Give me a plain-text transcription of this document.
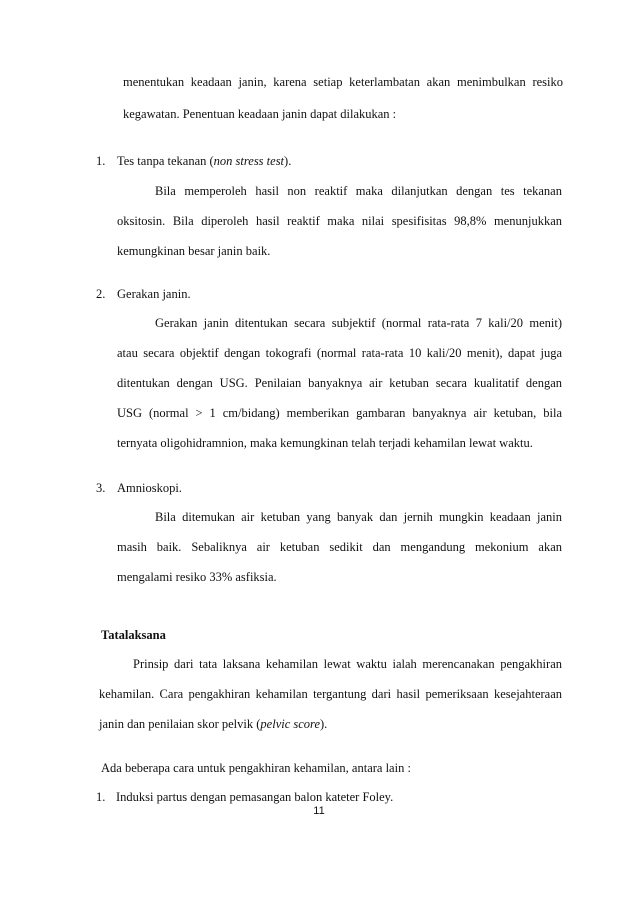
menentukan keadaan janin, karena setiap keterlambatan akan menimbulkan resiko
kegawatan. Penentuan keadaan janin dapat dilakukan :
1. Tes tanpa tekanan (non stress test).
Bila memperoleh hasil non reaktif maka dilanjutkan dengan tes tekanan
oksitosin. Bila diperoleh hasil reaktif maka nilai spesifisitas 98,8% menunjukkan
kemungkinan besar janin baik.
2. Gerakan janin.
Gerakan janin ditentukan secara subjektif (normal rata-rata 7 kali/20 menit)
atau secara objektif dengan tokografi (normal rata-rata 10 kali/20 menit), dapat juga
ditentukan dengan USG. Penilaian banyaknya air ketuban secara kualitatif dengan
USG (normal > 1 cm/bidang) memberikan gambaran banyaknya air ketuban, bila
ternyata oligohidramnion, maka kemungkinan telah terjadi kehamilan lewat waktu.
3. Amnioskopi.
Bila ditemukan air ketuban yang banyak dan jernih mungkin keadaan janin
masih baik. Sebaliknya air ketuban sedikit dan mengandung mekonium akan
mengalami resiko 33% asfiksia.
Tatalaksana
Prinsip dari tata laksana kehamilan lewat waktu ialah merencanakan pengakhiran
kehamilan. Cara pengakhiran kehamilan tergantung dari hasil pemeriksaan kesejahteraan
janin dan penilaian skor pelvik (pelvic score).
Ada beberapa cara untuk pengakhiran kehamilan, antara lain :
1. Induksi partus dengan pemasangan balon kateter Foley.
11
